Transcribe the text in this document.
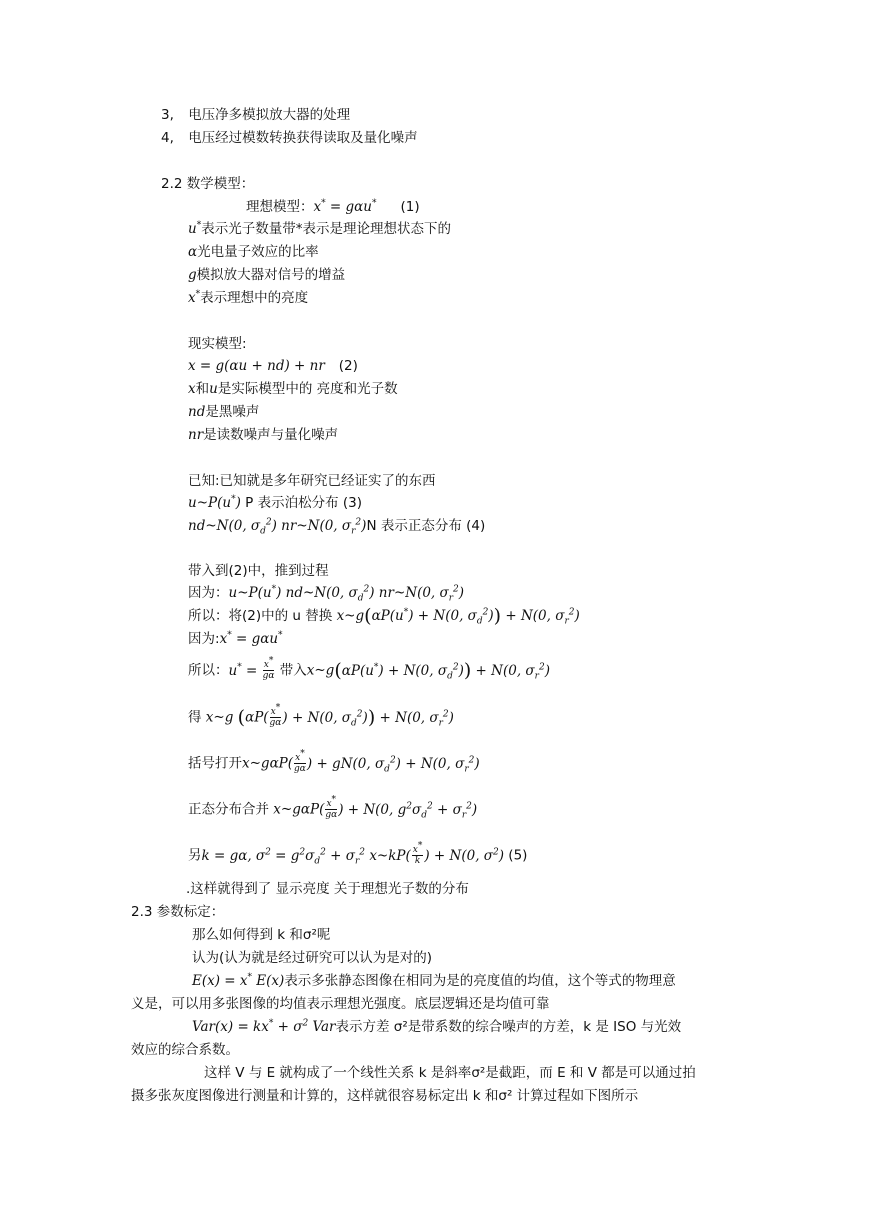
3, 电压净多模拟放大器的处理
4, 电压经过模数转换获得读取及量化噪声
2.2 数学模型：
理想模型：x* = gαu* (1)
u*表示光子数量带*表示是理论理想状态下的
α光电量子效应的比率
g模拟放大器对信号的增益
x*表示理想中的亮度
现实模型:
x = g(αu + nd) + nr (2)
x和u是实际模型中的 亮度和光子数
nd是黑噪声
nr是读数噪声与量化噪声
已知:已知就是多年研究已经证实了的东西
u~P(u*) P 表示泊松分布 (3)
nd~N(0, $\sigma_d^2$) nr~N(0, $\sigma_r^2)N$ 表示正态分布 (4)
带入到(2)中，推到过程
因为：u~P(u*) nd~N(0, $\sigma_d^2$) nr~N(0, $\sigma_r^2$)
所以：将(2)中的 u 替换 x~g(αP(u*) + N(0, $\sigma_d^2)) + N(0$, $\sigma_r^2$)
因为:x* = gαu*
所以：$u^* = \frac{x^*}{g\alpha}$ 带入x~g(αP(u*) + N(0, $\sigma_d^2)) + N(0$, $\sigma_r^2$)
得 x~g ($\alpha P( \frac{x^*}{g\alpha}$ ) + N(0, $\sigma_d^2)) + N(0$, $\sigma_r^2$)
括号打开x~gαP( $\frac{x^*}{g\alpha}$ ) + gN(0, $\sigma_d^2) + N(0$, $\sigma_r^2$)
正态分布合并 x~gαP( $\frac{x^*}{g\alpha}$ ) + N(0, $g^2\sigma_d^2 + \sigma_r^2$)
另k = gα, $\sigma^2 = g^2\sigma_d^2 + \sigma_r^2$ x~kP( $\frac{x^*}{k}$ ) + N(0, $\sigma^2$) (5)
.这样就得到了 显示亮度 关于理想光子数的分布
2.3 参数标定：
那么如何得到 k 和σ²呢
认为(认为就是经过研究可以认为是对的)
E(x) = x* E(x)表示多张静态图像在相同为是的亮度值的均值，这个等式的物理意
义是，可以用多张图像的均值表示理想光强度。底层逻辑还是均值可靠
$Var(x) = kx^* + \sigma^2$ Var表示方差 σ²是带系数的综合噪声的方差，k 是 ISO 与光效
效应的综合系数。
这样 V 与 E 就构成了一个线性关系 k 是斜率σ²是截距，而 E 和 V 都是可以通过拍
摄多张灰度图像进行测量和计算的，这样就很容易标定出 k 和σ² 计算过程如下图所示
